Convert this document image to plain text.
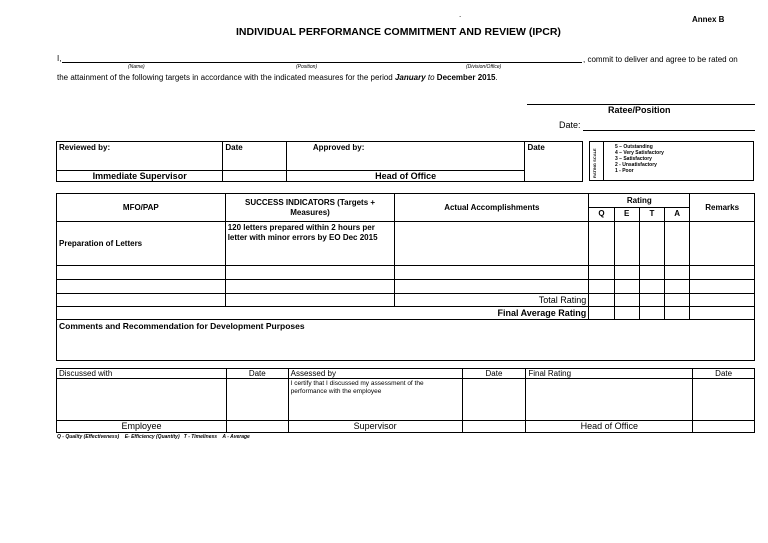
.
Annex B
INDIVIDUAL PERFORMANCE COMMITMENT AND REVIEW (IPCR)
I,	, commit to deliver and agree to be rated on
(Name)	(Position)	(Division/Office)
the attainment of the following targets in accordance with the indicated measures for the period January to December 2015.
Ratee/Position
Date:
Reviewed by:	Date	Approved by:	Date
Immediate Supervisor		Head of Office		RATING SCALE
5 – Outstanding
4 – Very Satisfactory
3 – Satisfactory
2 - Unsatisfactory
1 - Poor
MFO/PAP	SUCCESS INDICATORS (Targets + Measures)	Actual Accomplishments	Rating				Remarks
			Q	E	T	A	
Preparation of Letters	120 letters prepared within 2 hours per letter with minor errors by EO Dec 2015						

		Total Rating					
		Final Average Rating					
Comments and Recommendation for Development Purposes							
Discussed with	Date	Assessed by	Date	Final Rating	Date
		I certify that I discussed my assessment of the performance with the employee			
Employee		Supervisor		Head of Office	
Q - Quality (Effectiveness)    E- Efficiency (Quantity)   T - Timeliness    A - Average
